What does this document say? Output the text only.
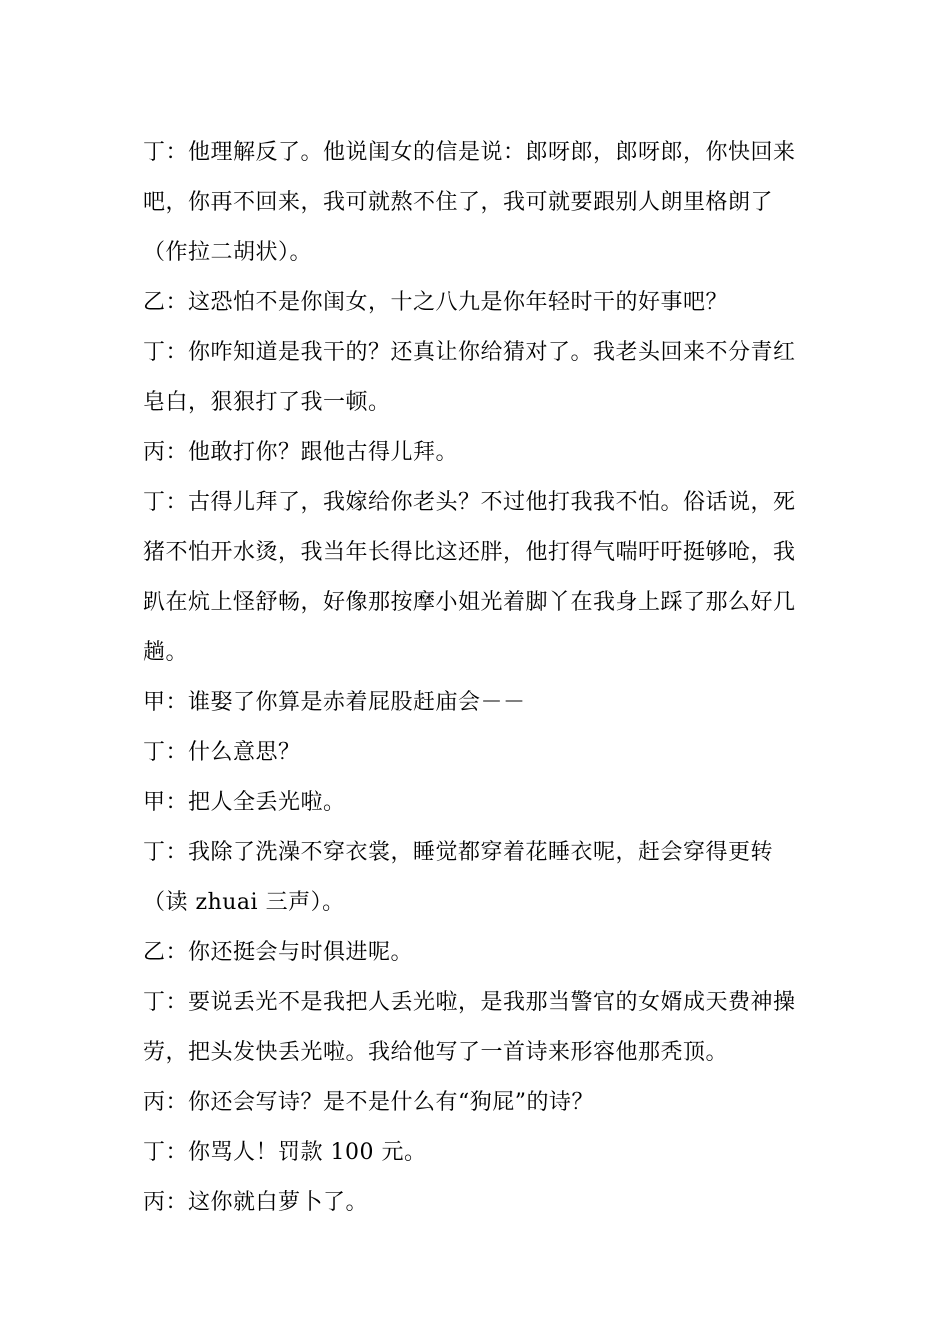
丁：他理解反了。他说闺女的信是说：郎呀郎，郎呀郎，你快回来
吧，你再不回来，我可就熬不住了，我可就要跟别人朗里格朗了
（作拉二胡状）。
乙：这恐怕不是你闺女，十之八九是你年轻时干的好事吧？
丁：你咋知道是我干的？还真让你给猜对了。我老头回来不分青红
皂白，狠狠打了我一顿。
丙：他敢打你？跟他古得儿拜。
丁：古得儿拜了，我嫁给你老头？不过他打我我不怕。俗话说，死
猪不怕开水烫，我当年长得比这还胖，他打得气喘吁吁挺够呛，我
趴在炕上怪舒畅，好像那按摩小姐光着脚丫在我身上踩了那么好几
趟。
甲：谁娶了你算是赤着屁股赶庙会－－
丁：什么意思？
甲：把人全丢光啦。
丁：我除了洗澡不穿衣裳，睡觉都穿着花睡衣呢，赶会穿得更转
（读 zhuai 三声）。
乙：你还挺会与时俱进呢。
丁：要说丢光不是我把人丢光啦，是我那当警官的女婿成天费神操
劳，把头发快丢光啦。我给他写了一首诗来形容他那秃顶。
丙：你还会写诗？是不是什么有“狗屁”的诗？
丁：你骂人！罚款 100 元。
丙：这你就白萝卜了。
